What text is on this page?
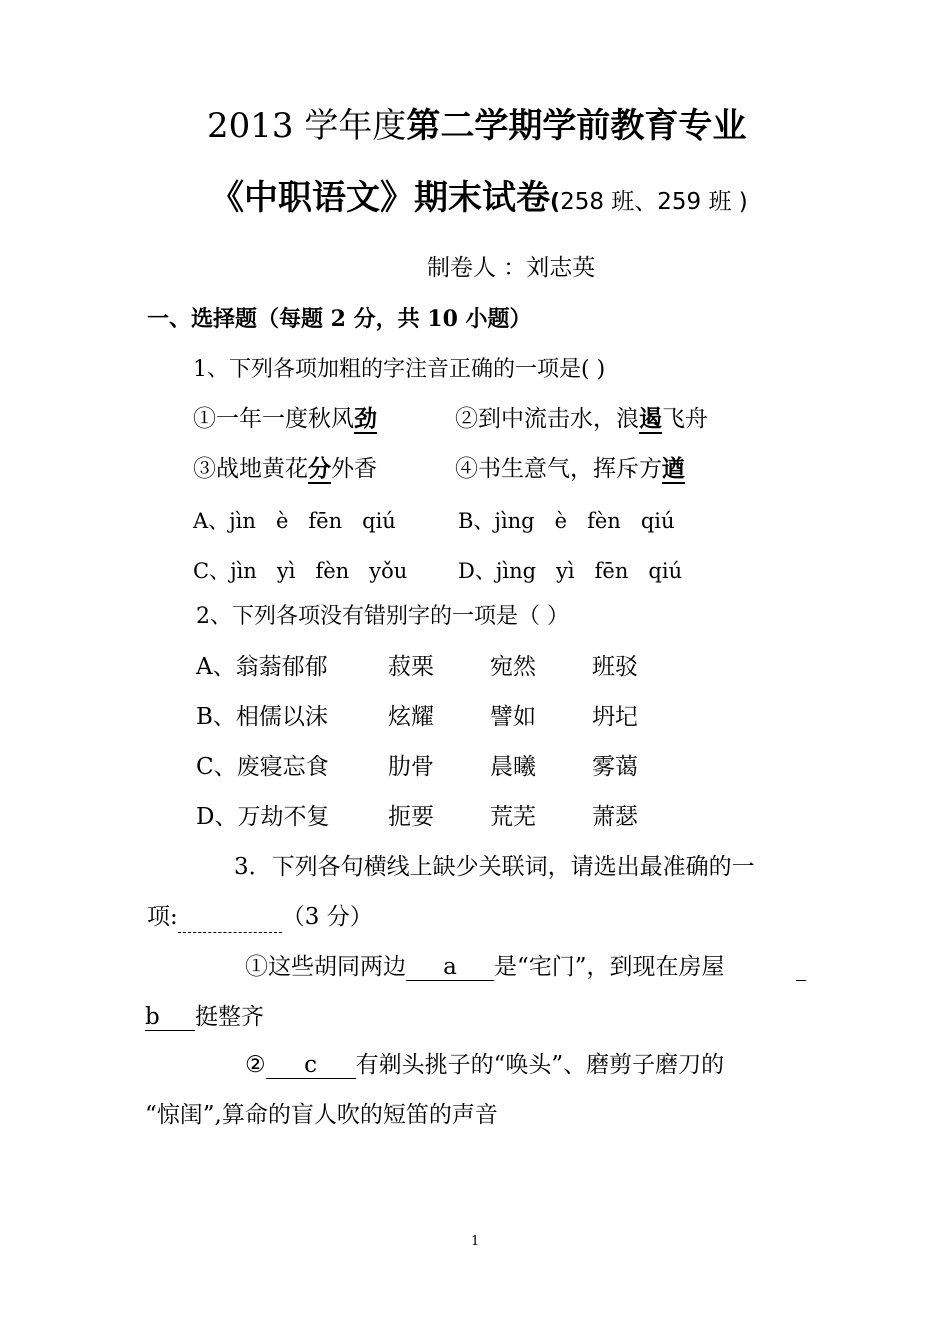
2013 学年度第二学期学前教育专业
《中职语文》期末试卷(258 班、259 班 )
制卷人 ：刘志英
一、选择题（每题 2 分，共 10 小题）
1、下列各项加粗的字注音正确的一项是( )
①一年一度秋风劲	②到中流击水，浪遏飞舟
③战地黄花分外香	④书生意气，挥斥方遒
A、jìn   è   fēn   qiú	B、jìng   è   fèn   qiú
C、jìn   yì   fèn   yǒu D、jìng   yì   fēn   qiú
2、下列各项没有错别字的一项是（ ）
A、翁蓊郁郁	菽栗 宛然 班驳
B、相儒以沫	炫耀 譬如 坍圮
C、废寝忘食	肋骨 晨曦 雾蔼
D、万劫不复	扼要 荒芜 萧瑟
3．下列各句横线上缺少关联词，请选出最准确的一
项:	（3 分）
①这些胡同两边 a 是“宅门”，到现在房屋
b 挺整齐
② c 有剃头挑子的“唤头”、磨剪子磨刀的
“惊闺”,算命的盲人吹的短笛的声音
1
